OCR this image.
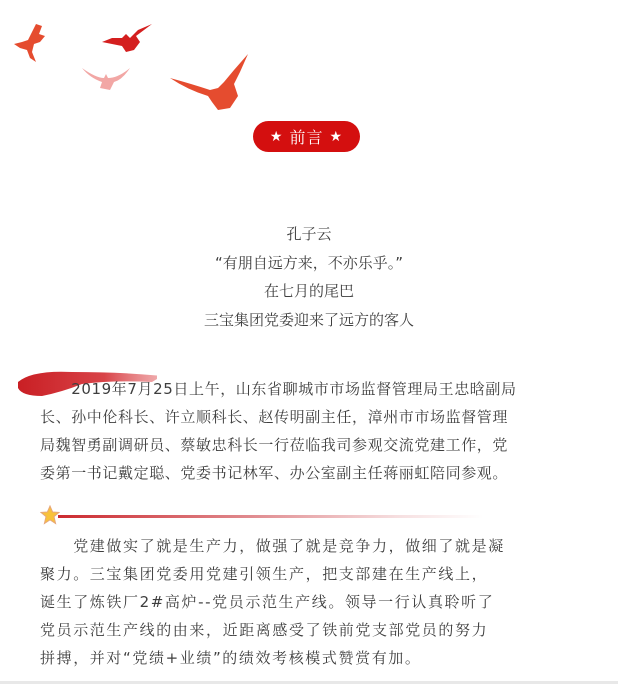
★ 前言 ★
孔子云
“有朋自远方来，不亦乐乎。”
在七月的尾巴
三宝集团党委迎来了远方的客人
　　2019年7月25日上午，山东省聊城市市场监督管理局王忠晗副局
长、孙中伦科长、许立顺科长、赵传明副主任，漳州市市场监督管理
局魏智勇副调研员、蔡敏忠科长一行莅临我司参观交流党建工作，党
委第一书记戴定聪、党委书记林军、办公室副主任蒋丽虹陪同参观。
　　党建做实了就是生产力，做强了就是竞争力，做细了就是凝
聚力。三宝集团党委用党建引领生产，把支部建在生产线上，
诞生了炼铁厂2#高炉--党员示范生产线。领导一行认真聆听了
党员示范生产线的由来，近距离感受了铁前党支部党员的努力
拼搏，并对“党绩+业绩”的绩效考核模式赞赏有加。
